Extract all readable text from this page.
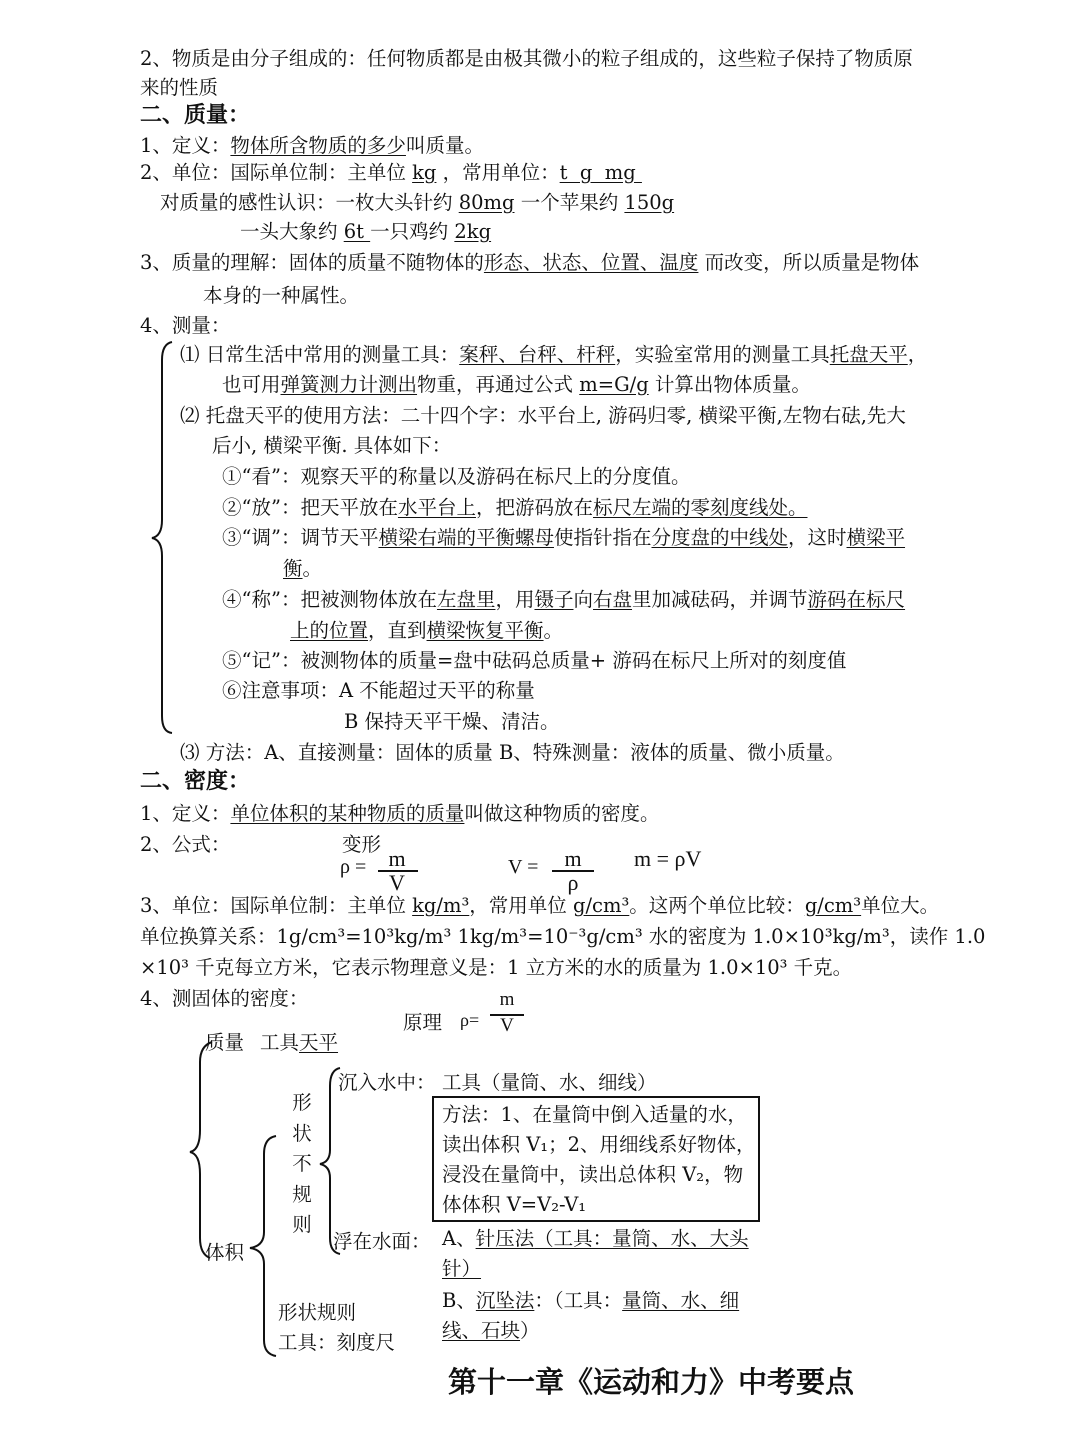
2、物质是由分子组成的：任何物质都是由极其微小的粒子组成的，这些粒子保持了物质原
来的性质
二、质量：
1、定义：物体所含物质的多少叫质量。
2、单位：国际单位制：主单位 kg ，常用单位：t  g  mg
对质量的感性认识：一枚大头针约 80mg 一个苹果约 150g
一头大象约 6t 一只鸡约 2kg
3、质量的理解：固体的质量不随物体的形态、状态、位置、温度 而改变，所以质量是物体
本身的一种属性。
4、测量：
⑴ 日常生活中常用的测量工具：案秤、台秤、杆秤，实验室常用的测量工具托盘天平，
也可用弹簧测力计测出物重，再通过公式 m=G/g 计算出物体质量。
⑵ 托盘天平的使用方法：二十四个字：水平台上, 游码归零, 横梁平衡,左物右砝,先大
后小, 横梁平衡. 具体如下：
①“看”：观察天平的称量以及游码在标尺上的分度值。
②“放”：把天平放在水平台上，把游码放在标尺左端的零刻度线处。
③“调”：调节天平横梁右端的平衡螺母使指针指在分度盘的中线处，这时横梁平
衡。
④“称”：把被测物体放在左盘里，用镊子向右盘里加减砝码，并调节游码在标尺
上的位置，直到横梁恢复平衡。
⑤“记”：被测物体的质量=盘中砝码总质量+ 游码在标尺上所对的刻度值
⑥注意事项：A 不能超过天平的称量
B 保持天平干燥、清洁。
⑶ 方法：A、直接测量：固体的质量 B、特殊测量：液体的质量、微小质量。
二、密度：
1、定义：单位体积的某种物质的质量叫做这种物质的密度。
2、公式：	变形
ρ =	m
V
V =	m
ρ
m = ρV
3、单位：国际单位制：主单位 kg/m³，常用单位 g/cm³。这两个单位比较：g/cm³单位大。
单位换算关系：1g/cm³=10³kg/m³ 1kg/m³=10⁻³g/cm³ 水的密度为 1.0×10³kg/m³，读作 1.0
×10³ 千克每立方米，它表示物理意义是：1 立方米的水的质量为 1.0×10³ 千克。
4、测固体的密度：
原理 ρ=
m
V
质量 工具天平
体积
形
状
不
规
则
沉入水中： 工具（量筒、水、细线）
方法：1、在量筒中倒入适量的水，
读出体积 V₁；2、用细线系好物体，
浸没在量筒中，读出总体积 V₂，物
体体积 V=V₂-V₁
浮在水面： A、针压法（工具：量筒、水、大头
针）
B、沉坠法：（工具：量筒、水、细
线、石块）
形状规则
工具：刻度尺
第十一章《运动和力》中考要点
